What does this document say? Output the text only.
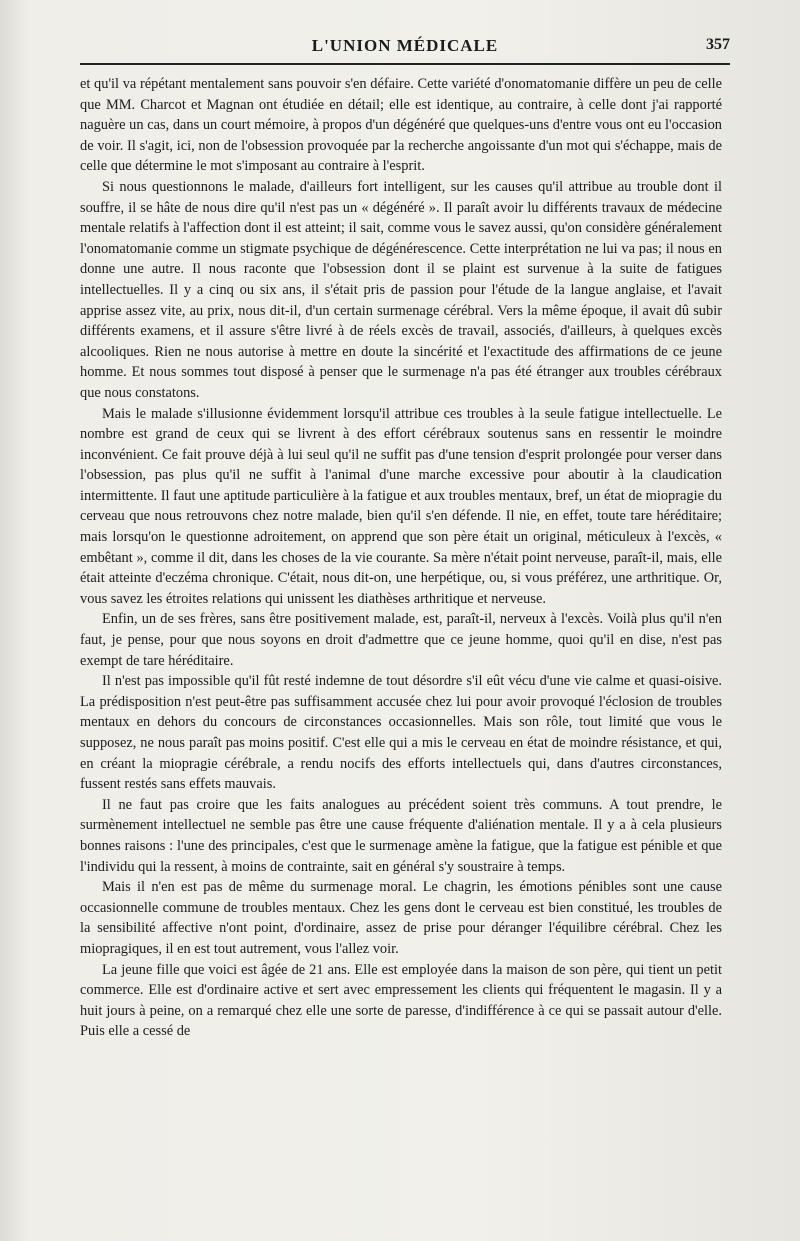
L'UNION MÉDICALE	357

et qu'il va répétant mentalement sans pouvoir s'en défaire. Cette variété d'onomatomanie diffère un peu de celle que MM. Charcot et Magnan ont étudiée en détail; elle est identique, au contraire, à celle dont j'ai rapporté naguère un cas, dans un court mémoire, à propos d'un dégénéré que quelques-uns d'entre vous ont eu l'occasion de voir. Il s'agit, ici, non de l'obsession provoquée par la recherche angoissante d'un mot qui s'échappe, mais de celle que détermine le mot s'imposant au contraire à l'esprit.

Si nous questionnons le malade, d'ailleurs fort intelligent, sur les causes qu'il attribue au trouble dont il souffre, il se hâte de nous dire qu'il n'est pas un « dégénéré ». Il paraît avoir lu différents travaux de médecine mentale relatifs à l'affection dont il est atteint; il sait, comme vous le savez aussi, qu'on considère généralement l'onomatomanie comme un stigmate psychique de dégénérescence. Cette interprétation ne lui va pas; il nous en donne une autre. Il nous raconte que l'obsession dont il se plaint est survenue à la suite de fatigues intellectuelles. Il y a cinq ou six ans, il s'était pris de passion pour l'étude de la langue anglaise, et l'avait apprise assez vite, au prix, nous dit-il, d'un certain surmenage cérébral. Vers la même époque, il avait dû subir différents examens, et il assure s'être livré à de réels excès de travail, associés, d'ailleurs, à quelques excès alcooliques. Rien ne nous autorise à mettre en doute la sincérité et l'exactitude des affirmations de ce jeune homme. Et nous sommes tout disposé à penser que le surmenage n'a pas été étranger aux troubles cérébraux que nous constatons.

Mais le malade s'illusionne évidemment lorsqu'il attribue ces troubles à la seule fatigue intellectuelle. Le nombre est grand de ceux qui se livrent à des effort cérébraux soutenus sans en ressentir le moindre inconvénient. Ce fait prouve déjà à lui seul qu'il ne suffit pas d'une tension d'esprit prolongée pour verser dans l'obsession, pas plus qu'il ne suffit à l'animal d'une marche excessive pour aboutir à la claudication intermittente. Il faut une aptitude particulière à la fatigue et aux troubles mentaux, bref, un état de miopragie du cerveau que nous retrouvons chez notre malade, bien qu'il s'en défende. Il nie, en effet, toute tare héréditaire; mais lorsqu'on le questionne adroitement, on apprend que son père était un original, méticuleux à l'excès, « embêtant », comme il dit, dans les choses de la vie courante. Sa mère n'était point nerveuse, paraît-il, mais, elle était atteinte d'eczéma chronique. C'était, nous dit-on, une herpétique, ou, si vous préférez, une arthritique. Or, vous savez les étroites relations qui unissent les diathèses arthritique et nerveuse.

Enfin, un de ses frères, sans être positivement malade, est, paraît-il, nerveux à l'excès. Voilà plus qu'il n'en faut, je pense, pour que nous soyons en droit d'admettre que ce jeune homme, quoi qu'il en dise, n'est pas exempt de tare héréditaire.

Il n'est pas impossible qu'il fût resté indemne de tout désordre s'il eût vécu d'une vie calme et quasi-oisive. La prédisposition n'est peut-être pas suffisamment accusée chez lui pour avoir provoqué l'éclosion de troubles mentaux en dehors du concours de circonstances occasionnelles. Mais son rôle, tout limité que vous le supposez, ne nous paraît pas moins positif. C'est elle qui a mis le cerveau en état de moindre résistance, et qui, en créant la miopragie cérébrale, a rendu nocifs des efforts intellectuels qui, dans d'autres circonstances, fussent restés sans effets mauvais.

Il ne faut pas croire que les faits analogues au précédent soient très communs. A tout prendre, le surmènement intellectuel ne semble pas être une cause fréquente d'aliénation mentale. Il y a à cela plusieurs bonnes raisons : l'une des principales, c'est que le surmenage amène la fatigue, que la fatigue est pénible et que l'individu qui la ressent, à moins de contrainte, sait en général s'y soustraire à temps.

Mais il n'en est pas de même du surmenage moral. Le chagrin, les émotions pénibles sont une cause occasionnelle commune de troubles mentaux. Chez les gens dont le cerveau est bien constitué, les troubles de la sensibilité affective n'ont point, d'ordinaire, assez de prise pour déranger l'équilibre cérébral. Chez les miopragiques, il en est tout autrement, vous l'allez voir.

La jeune fille que voici est âgée de 21 ans. Elle est employée dans la maison de son père, qui tient un petit commerce. Elle est d'ordinaire active et sert avec empressement les clients qui fréquentent le magasin. Il y a huit jours à peine, on a remarqué chez elle une sorte de paresse, d'indifférence à ce qui se passait autour d'elle. Puis elle a cessé de
